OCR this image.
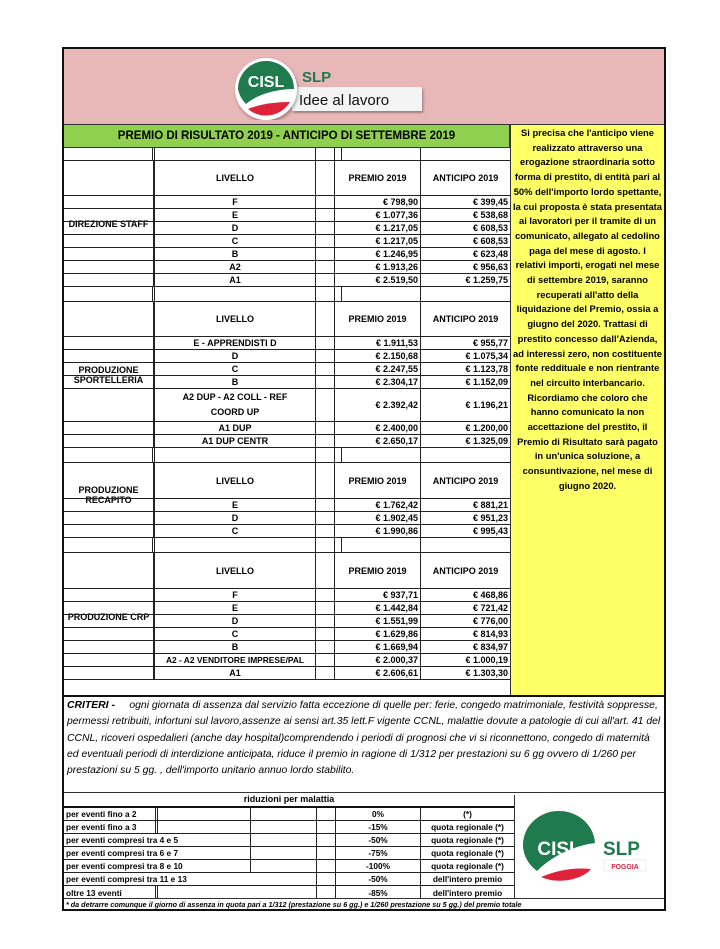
CISL SLP
Idee al lavoro
PREMIO DI RISULTATO 2019 - ANTICIPO DI SETTEMBRE 2019	Si precisa che l'anticipo viene realizzato attraverso una erogazione straordinaria sotto forma di prestito, di entità pari al 50% dell'importo lordo spettante, la cui proposta è stata presentata ai lavoratori per il tramite di un comunicato, allegato al cedolino paga del mese di agosto. I relativi importi, erogati nel mese di settembre 2019, saranno recuperati all'atto della liquidazione del Premio, ossia a giugno del 2020. Trattasi di prestito concesso dall'Azienda, ad interessi zero, non costituente fonte reddituale e non rientrante nel circuito interbancario. Ricordiamo che coloro che hanno comunicato la non accettazione del prestito, il Premio di Risultato sarà pagato in un'unica soluzione, a consuntivazione, nel mese di giugno 2020.
DIREZIONE STAFF
LIVELLO	PREMIO 2019	ANTICIPO 2019
F	€ 798,90	€ 399,45
E	€ 1.077,36	€ 538,68
D	€ 1.217,05	€ 608,53
C	€ 1.217,05	€ 608,53
B	€ 1.246,95	€ 623,48
A2	€ 1.913,26	€ 956,63
A1	€ 2.519,50	€ 1.259,75
PRODUZIONE SPORTELLERIA
LIVELLO	PREMIO 2019	ANTICIPO 2019
E - APPRENDISTI D	€ 1.911,53	€ 955,77
D	€ 2.150,68	€ 1.075,34
C	€ 2.247,55	€ 1.123,78
B	€ 2.304,17	€ 1.152,09
A2 DUP - A2 COLL - REF COORD UP
€ 2.392,42	€ 1.196,21
A1 DUP	€ 2.400,00	€ 1.200,00
A1 DUP CENTR	€ 2.650,17	€ 1.325,09
PRODUZIONE RECAPITO
LIVELLO	PREMIO 2019	ANTICIPO 2019
E	€ 1.762,42	€ 881,21
D	€ 1.902,45	€ 951,23
C	€ 1.990,86	€ 995,43
PRODUZIONE CRP
LIVELLO	PREMIO 2019	ANTICIPO 2019
F	€ 937,71	€ 468,86
E	€ 1.442,84	€ 721,42
D	€ 1.551,99	€ 776,00
C	€ 1.629,86	€ 814,93
B	€ 1.669,94	€ 834,97
A2 - A2 VENDITORE IMPRESE/PAL	€ 2.000,37	€ 1.000,19
A1	€ 2.606,61	€ 1.303,30
CRITERI - ogni giornata di assenza dal servizio fatta eccezione di quelle per: ferie, congedo matrimoniale, festività soppresse, permessi retribuiti, infortuni sul lavoro,assenze ai sensi art.35 lett.F vigente CCNL, malattie dovute a patologie di cui all'art. 41 del CCNL, ricoveri ospedalieri (anche day hospital)comprendendo i periodi di prognosi che vi si riconnettono, congedo di maternità ed eventuali periodi di interdizione anticipata, riduce il premio in ragione di 1/312 per prestazioni su 6 gg ovvero di 1/260 per prestazioni su 5 gg. , dell'importo unitario annuo lordo stabilito.
riduzioni per malattia
per eventi fino a 2	0%	(*)
per eventi fino a 3	-15%	quota regionale (*)
per eventi compresi tra 4 e 5	-50%	quota regionale (*)
per eventi compresi tra 6 e 7	-75%	quota regionale (*)
per eventi compresi tra 8 e 10	-100%	quota regionale (*)
per eventi compresi tra 11 e 13	-50%	dell'intero premio
oltre 13 eventi	-85%	dell'intero premio
CISL SLP
FOGGIA
* da detrarre comunque il giorno di assenza in quota pari a 1/312 (prestazione su 6 gg.) e 1/260 prestazione su 5 gg.) del premio totale
